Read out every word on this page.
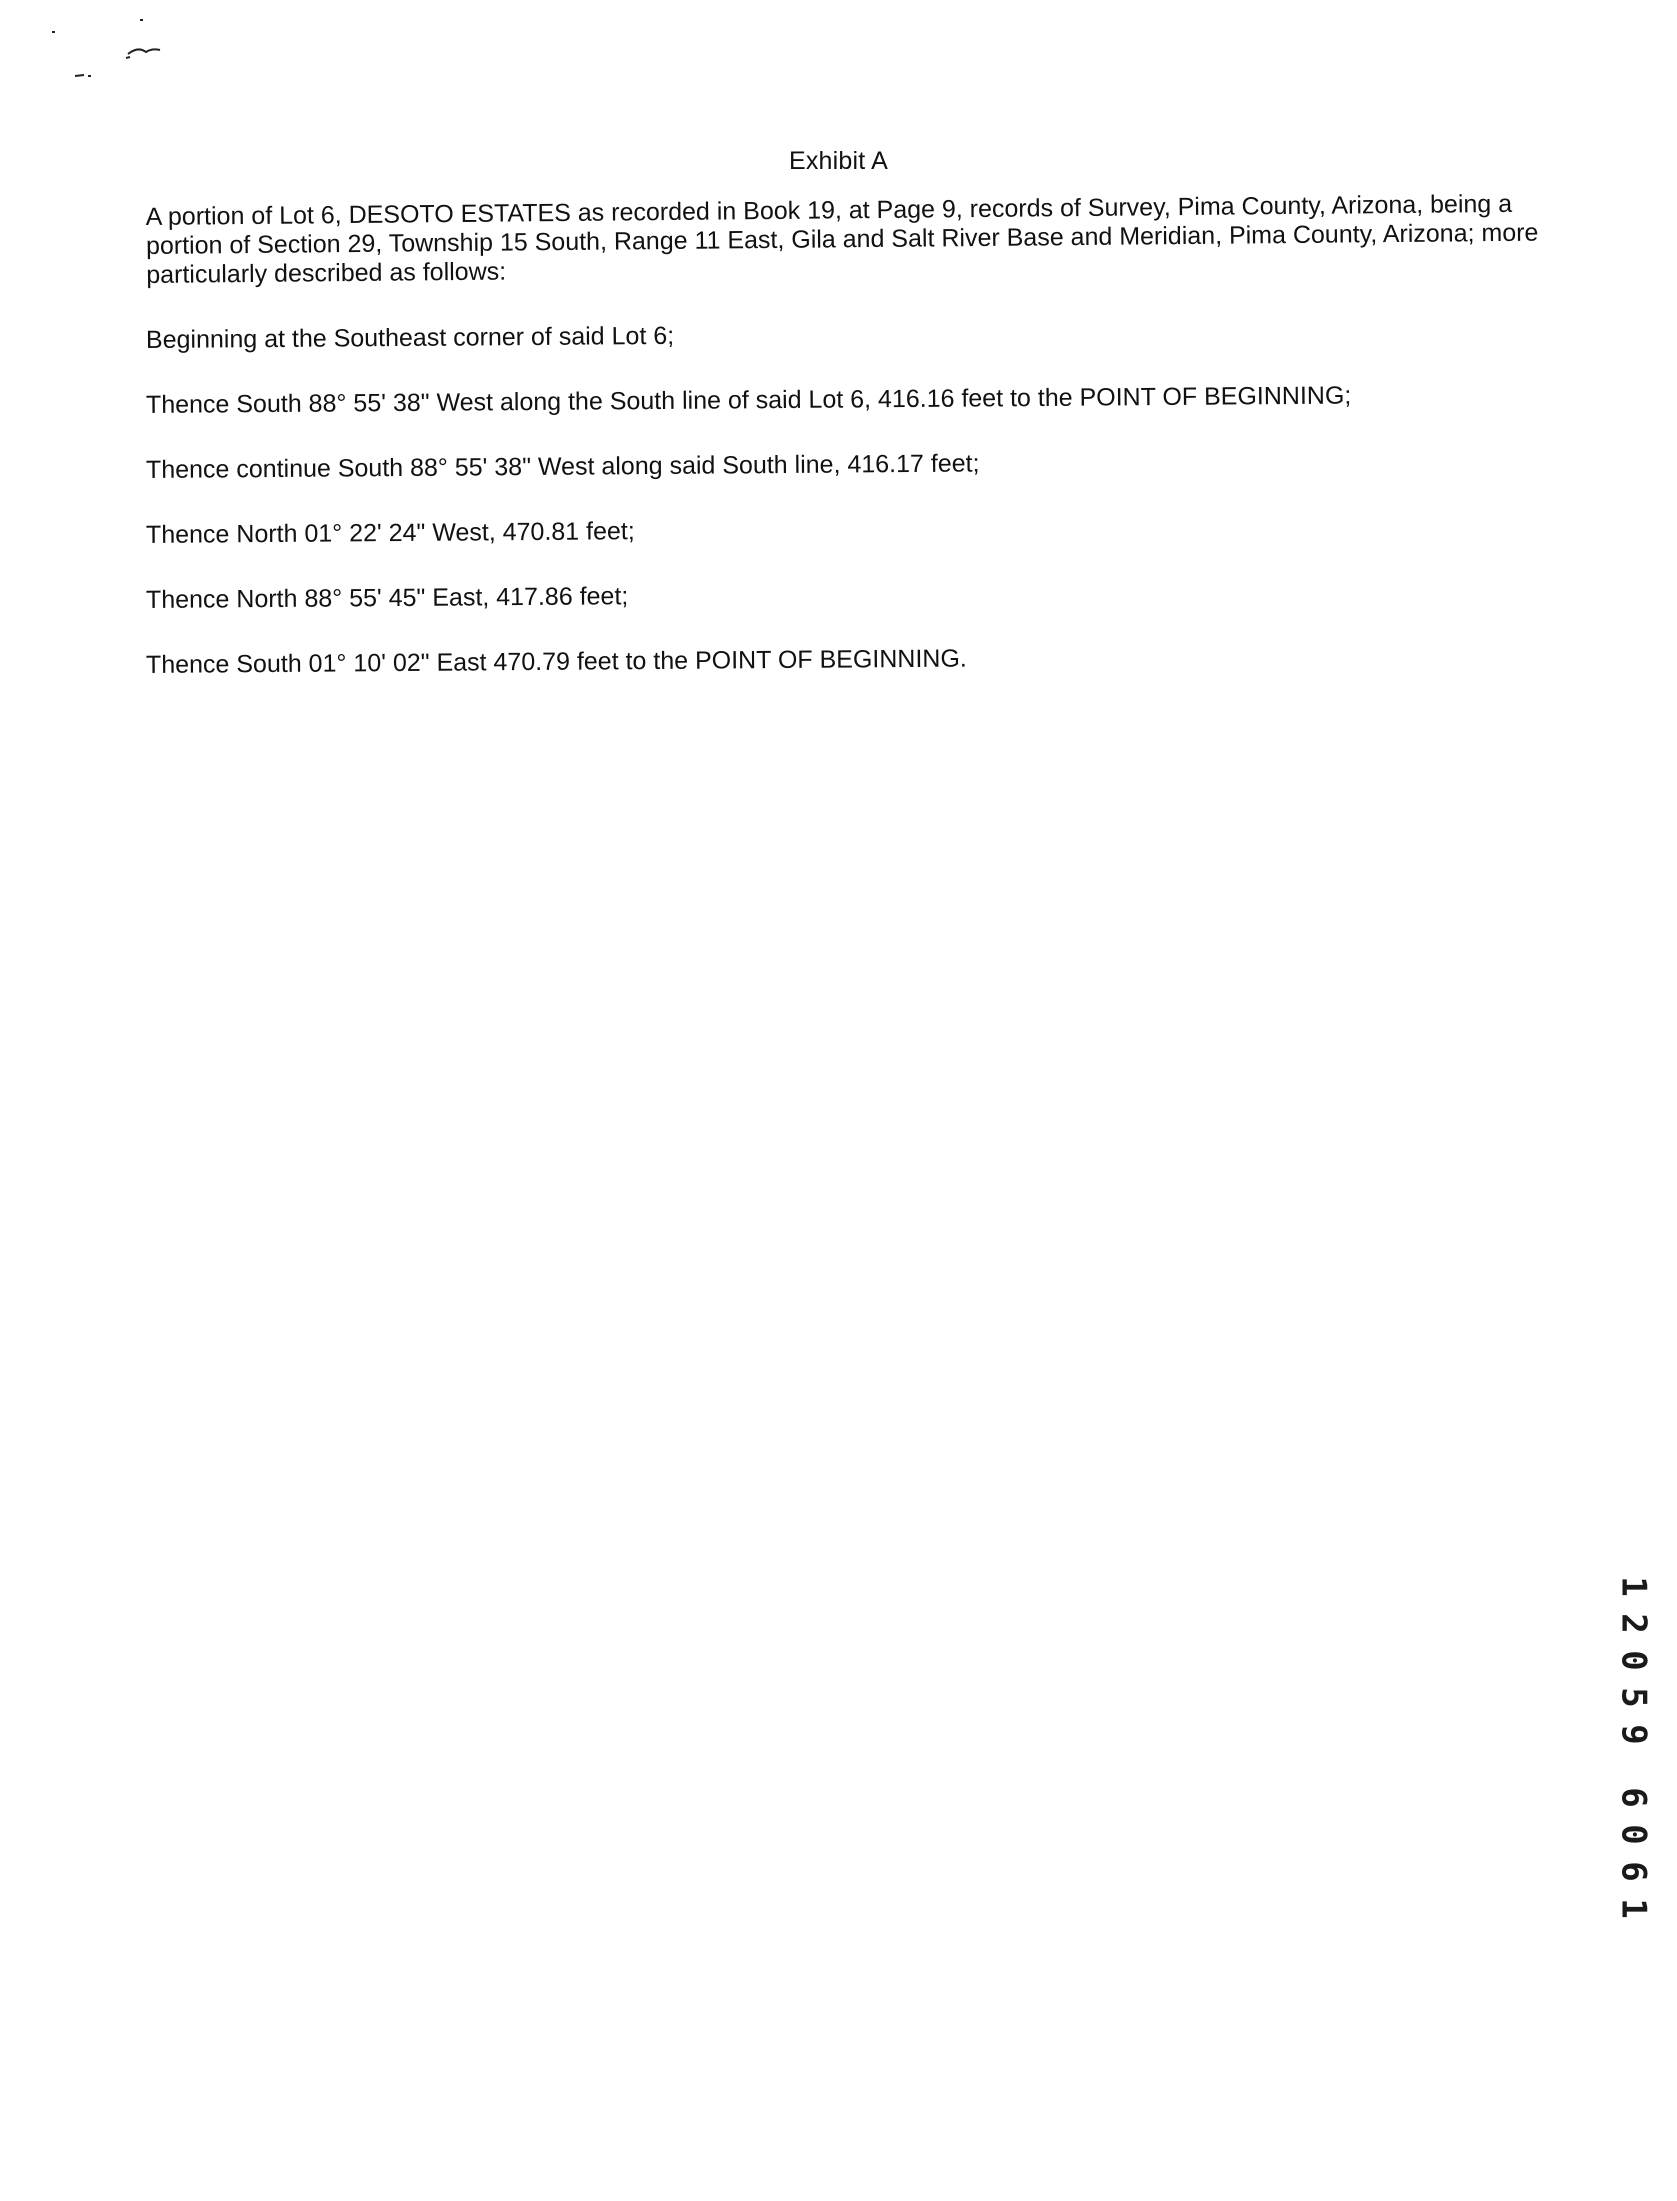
Exhibit A

A portion of Lot 6, DESOTO ESTATES as recorded in Book 19, at Page 9, records of Survey, Pima County, Arizona, being a portion of Section 29, Township 15 South, Range 11 East, Gila and Salt River Base and Meridian, Pima County, Arizona; more particularly described as follows:

Beginning at the Southeast corner of said Lot 6;

Thence South 88° 55' 38" West along the South line of said Lot 6, 416.16 feet to the POINT OF BEGINNING;

Thence continue South 88° 55' 38" West along said South line, 416.17 feet;

Thence North 01° 22' 24" West, 470.81 feet;

Thence North 88° 55' 45" East, 417.86 feet;

Thence South 01° 10' 02" East 470.79 feet to the POINT OF BEGINNING.

1
2
0
5
9
6
0
6
1
